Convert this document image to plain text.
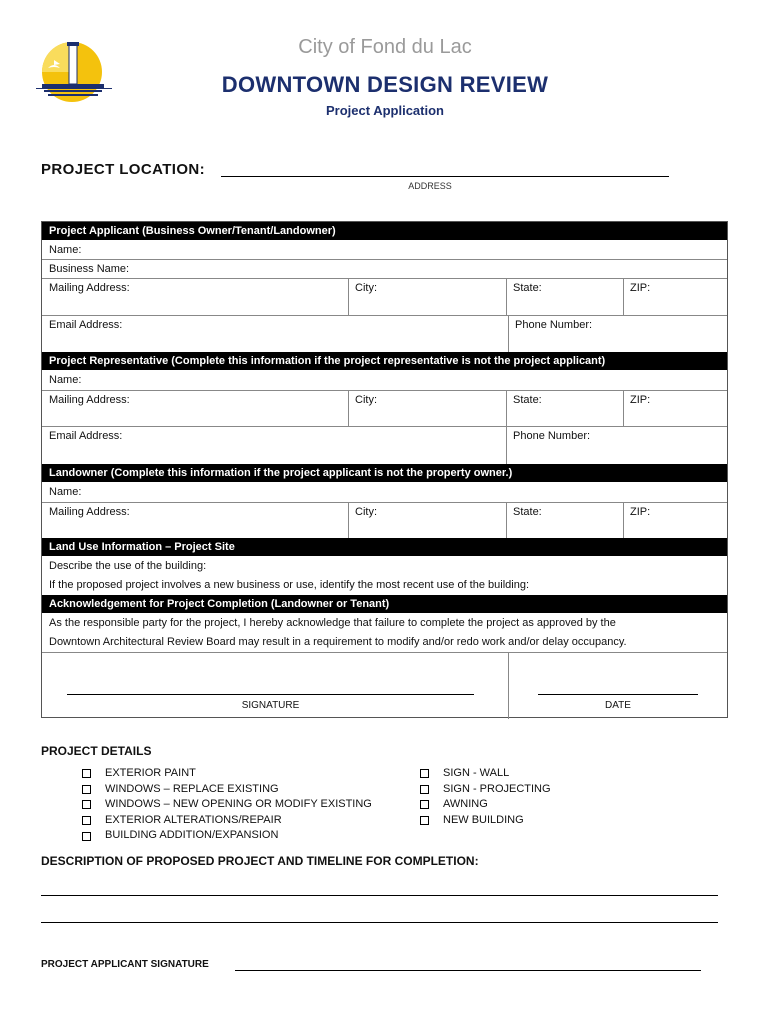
City of Fond du Lac
DOWNTOWN DESIGN REVIEW
Project Application
PROJECT LOCATION:
ADDRESS
Project Applicant (Business Owner/Tenant/Landowner)
Name:
Business Name:
Mailing Address:	City:	State:	ZIP:
Email Address:	Phone Number:
Project Representative (Complete this information if the project representative is not the project applicant)
Name:
Mailing Address:	City:	State:	ZIP:
Email Address:	Phone Number:
Landowner (Complete this information if the project applicant is not the property owner.)
Name:
Mailing Address:	City:	State:	ZIP:
Land Use Information – Project Site
Describe the use of the building:
If the proposed project involves a new business or use, identify the most recent use of the building:
Acknowledgement for Project Completion (Landowner or Tenant)
As the responsible party for the project, I hereby acknowledge that failure to complete the project as approved by the
Downtown Architectural Review Board may result in a requirement to modify and/or redo work and/or delay occupancy.
SIGNATURE	DATE
PROJECT DETAILS
EXTERIOR PAINT
WINDOWS – REPLACE EXISTING
WINDOWS – NEW OPENING OR MODIFY EXISTING
EXTERIOR ALTERATIONS/REPAIR
BUILDING ADDITION/EXPANSION
SIGN - WALL
SIGN - PROJECTING
AWNING
NEW BUILDING
DESCRIPTION OF PROPOSED PROJECT AND TIMELINE FOR COMPLETION:
PROJECT APPLICANT SIGNATURE
